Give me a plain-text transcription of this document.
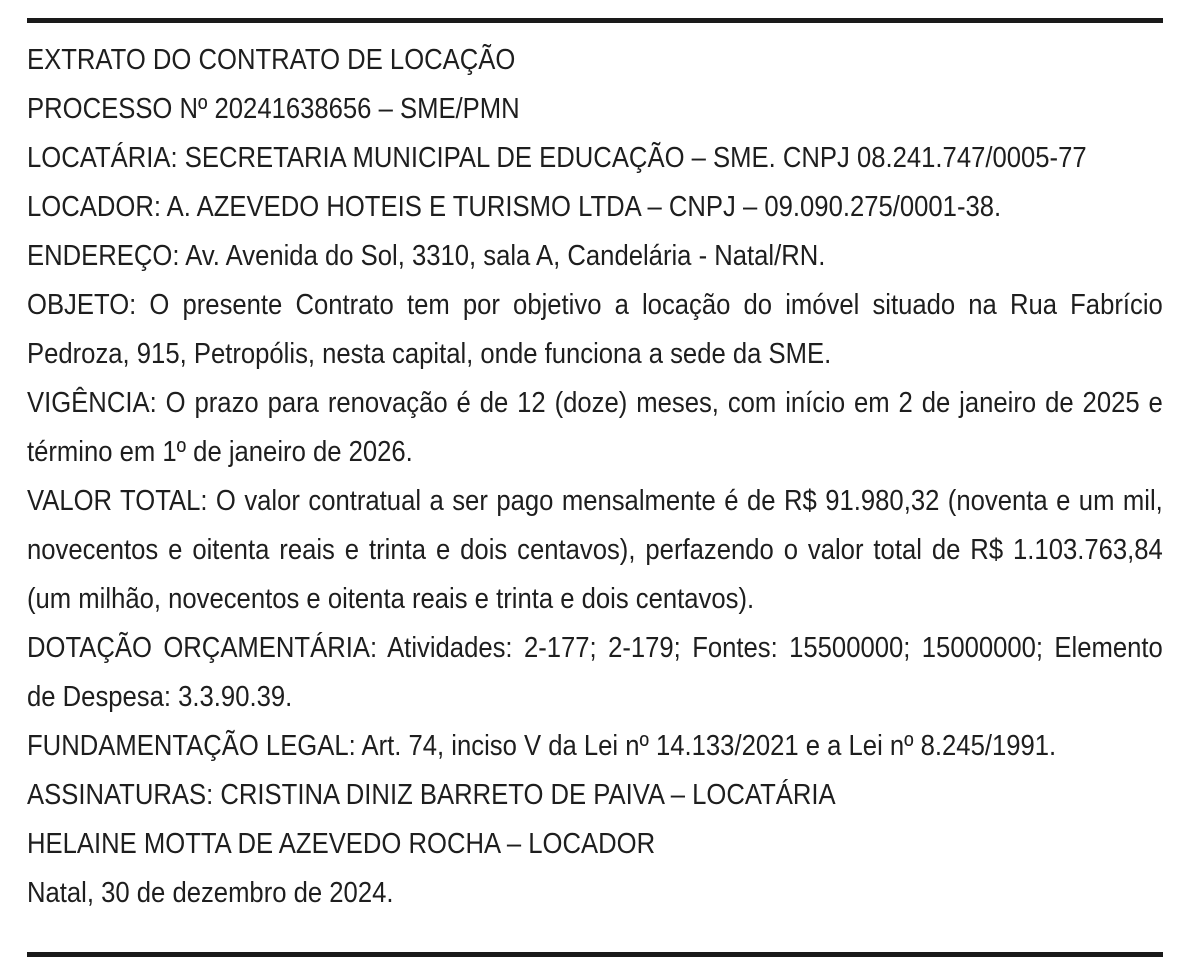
EXTRATO DO CONTRATO DE LOCAÇÃO
PROCESSO Nº 20241638656 – SME/PMN
LOCATÁRIA: SECRETARIA MUNICIPAL DE EDUCAÇÃO – SME. CNPJ 08.241.747/0005-77
LOCADOR: A. AZEVEDO HOTEIS E TURISMO LTDA – CNPJ – 09.090.275/0001-38.
ENDEREÇO: Av. Avenida do Sol, 3310, sala A, Candelária - Natal/RN.
OBJETO: O presente Contrato tem por objetivo a locação do imóvel situado na Rua Fabrício Pedroza, 915, Petropólis, nesta capital, onde funciona a sede da SME.
VIGÊNCIA: O prazo para renovação é de 12 (doze) meses, com início em 2 de janeiro de 2025 e término em 1º de janeiro de 2026.
VALOR TOTAL: O valor contratual a ser pago mensalmente é de R$ 91.980,32 (noventa e um mil, novecentos e oitenta reais e trinta e dois centavos), perfazendo o valor total de R$ 1.103.763,84 (um milhão, novecentos e oitenta reais e trinta e dois centavos).
DOTAÇÃO ORÇAMENTÁRIA: Atividades: 2-177; 2-179; Fontes: 15500000; 15000000; Elemento de Despesa: 3.3.90.39.
FUNDAMENTAÇÃO LEGAL: Art. 74, inciso V da Lei nº 14.133/2021 e a Lei nº 8.245/1991.
ASSINATURAS: CRISTINA DINIZ BARRETO DE PAIVA – LOCATÁRIA
HELAINE MOTTA DE AZEVEDO ROCHA – LOCADOR
Natal, 30 de dezembro de 2024.
